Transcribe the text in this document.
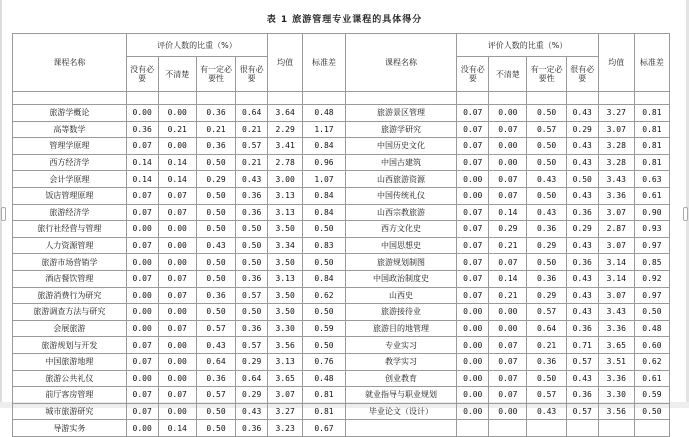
表 1 旅游管理专业课程的具体得分
课程名称	评价人数的比重（%）				均值	标准差	课程名称	评价人数的比重（%）				均值	标准差
	没有必要	不清楚	有一定必要性	很有必要				没有必要	不清楚	有一定必要性	很有必要		

旅游学概论	0.00	0.00	0.36	0.64	3.64	0.48	旅游景区管理	0.07	0.00	0.50	0.43	3.27	0.81
高等数学	0.36	0.21	0.21	0.21	2.29	1.17	旅游学研究	0.07	0.07	0.57	0.29	3.07	0.81
管理学原理	0.07	0.00	0.36	0.57	3.41	0.84	中国历史文化	0.07	0.00	0.50	0.43	3.28	0.81
西方经济学	0.14	0.14	0.50	0.21	2.78	0.96	中国古建筑	0.07	0.00	0.50	0.43	3.28	0.81
会计学原理	0.14	0.14	0.29	0.43	3.00	1.07	山西旅游资源	0.00	0.07	0.43	0.50	3.43	0.63
饭店管理原理	0.07	0.07	0.50	0.36	3.13	0.84	中国传统礼仪	0.00	0.07	0.50	0.43	3.36	0.61
旅游经济学	0.07	0.07	0.50	0.36	3.13	0.84	山西宗教旅游	0.07	0.14	0.43	0.36	3.07	0.90
旅行社经营与管理	0.00	0.00	0.50	0.50	3.50	0.50	西方文化史	0.07	0.29	0.36	0.29	2.87	0.93
人力资源管理	0.07	0.00	0.43	0.50	3.34	0.83	中国思想史	0.07	0.21	0.29	0.43	3.07	0.97
旅游市场营销学	0.00	0.00	0.50	0.50	3.50	0.50	旅游规划制图	0.07	0.07	0.50	0.36	3.14	0.85
酒店餐饮管理	0.07	0.07	0.50	0.36	3.13	0.84	中国政治制度史	0.07	0.14	0.36	0.43	3.14	0.92
旅游消费行为研究	0.00	0.07	0.36	0.57	3.50	0.62	山西史	0.07	0.21	0.29	0.43	3.07	0.97
旅游调查方法与研究	0.00	0.00	0.50	0.50	3.50	0.50	旅游接待业	0.00	0.00	0.57	0.43	3.43	0.50
会展旅游	0.00	0.07	0.57	0.36	3.30	0.59	旅游目的地管理	0.00	0.00	0.64	0.36	3.36	0.48
旅游规划与开发	0.07	0.00	0.43	0.57	3.56	0.50	专业实习	0.00	0.07	0.21	0.71	3.65	0.60
中国旅游地理	0.07	0.00	0.64	0.29	3.13	0.76	教学实习	0.00	0.07	0.36	0.57	3.51	0.62
旅游公共礼仪	0.00	0.00	0.36	0.64	3.65	0.48	创业教育	0.00	0.07	0.50	0.43	3.36	0.61
前厅客房管理	0.07	0.07	0.57	0.29	3.07	0.81	就业指导与职业规划	0.00	0.07	0.57	0.36	3.30	0.59
城市旅游研究	0.07	0.00	0.50	0.43	3.27	0.81	毕业论文（设计）	0.00	0.00	0.43	0.57	3.56	0.50
导游实务	0.00	0.14	0.50	0.36	3.23	0.67							
